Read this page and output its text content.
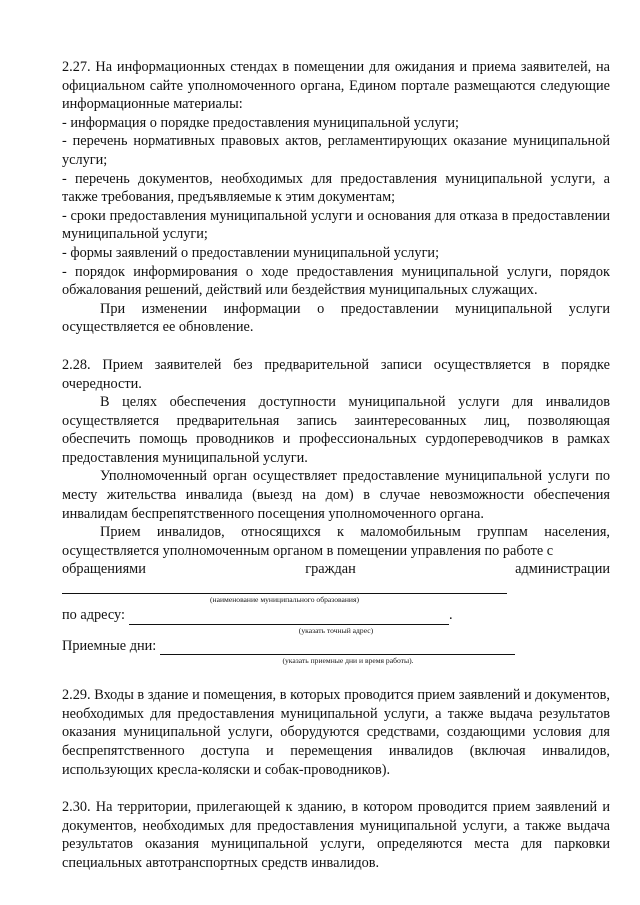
2.27. На информационных стендах в помещении для ожидания и приема заявителей, на официальном сайте уполномоченного органа, Едином портале размещаются следующие информационные материалы:

- информация о порядке предоставления муниципальной услуги;

- перечень нормативных правовых актов, регламентирующих оказание муниципальной услуги;

- перечень документов, необходимых для предоставления муниципальной услуги, а также требования, предъявляемые к этим документам;

- сроки предоставления муниципальной услуги и основания для отказа в предоставлении муниципальной услуги;

- формы заявлений о предоставлении муниципальной услуги;

- порядок информирования о ходе предоставления муниципальной услуги, порядок обжалования решений, действий или бездействия муниципальных служащих.

При изменении информации о предоставлении муниципальной услуги осуществляется ее обновление.

2.28. Прием заявителей без предварительной записи осуществляется в порядке очередности.

В целях обеспечения доступности муниципальной услуги для инвалидов осуществляется предварительная запись заинтересованных лиц, позволяющая обеспечить помощь проводников и профессиональных сурдопереводчиков в рамках предоставления муниципальной услуги.

Уполномоченный орган осуществляет предоставление муниципальной услуги по месту жительства инвалида (выезд на дом) в случае невозможности обеспечения инвалидам беспрепятственного посещения уполномоченного органа.

Прием инвалидов, относящихся к маломобильным группам населения, осуществляется уполномоченным органом в помещении управления по работе с

обращениями граждан администрации

(наименование муниципального образования)
по адресу:	.
(указать точный адрес)
Приемные дни:
(указать приемные дни и время работы).

2.29. Входы в здание и помещения, в которых проводится прием заявлений и документов, необходимых для предоставления муниципальной услуги, а также выдача результатов оказания муниципальной услуги, оборудуются средствами, создающими условия для беспрепятственного доступа и перемещения инвалидов (включая инвалидов, использующих кресла-коляски и собак-проводников).

2.30. На территории, прилегающей к зданию, в котором проводится прием заявлений и документов, необходимых для предоставления муниципальной услуги, а также выдача результатов оказания муниципальной услуги, определяются места для парковки специальных автотранспортных средств инвалидов.
